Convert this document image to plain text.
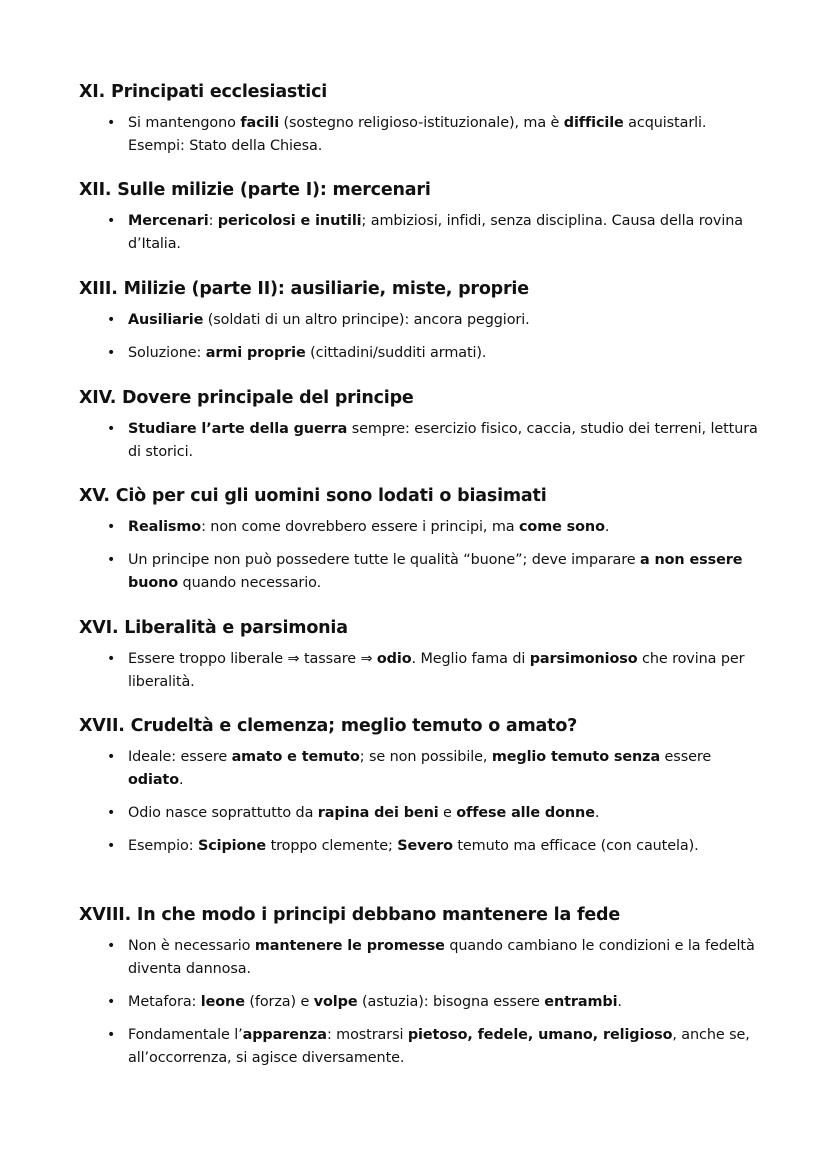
XI. Principati ecclesiastici
• Si mantengono facili (sostegno religioso-istituzionale), ma è difficile acquistarli. Esempi: Stato della Chiesa.
XII. Sulle milizie (parte I): mercenari
• Mercenari: pericolosi e inutili; ambiziosi, infidi, senza disciplina. Causa della rovina d’Italia.
XIII. Milizie (parte II): ausiliarie, miste, proprie
• Ausiliarie (soldati di un altro principe): ancora peggiori.
• Soluzione: armi proprie (cittadini/sudditi armati).
XIV. Dovere principale del principe
• Studiare l’arte della guerra sempre: esercizio fisico, caccia, studio dei terreni, lettura di storici.
XV. Ciò per cui gli uomini sono lodati o biasimati
• Realismo: non come dovrebbero essere i principi, ma come sono.
• Un principe non può possedere tutte le qualità “buone”; deve imparare a non essere buono quando necessario.
XVI. Liberalità e parsimonia
• Essere troppo liberale ⇒ tassare ⇒ odio. Meglio fama di parsimonioso che rovina per liberalità.
XVII. Crudeltà e clemenza; meglio temuto o amato?
• Ideale: essere amato e temuto; se non possibile, meglio temuto senza essere odiato.
• Odio nasce soprattutto da rapina dei beni e offese alle donne.
• Esempio: Scipione troppo clemente; Severo temuto ma efficace (con cautela).
XVIII. In che modo i principi debbano mantenere la fede
• Non è necessario mantenere le promesse quando cambiano le condizioni e la fedeltà diventa dannosa.
• Metafora: leone (forza) e volpe (astuzia): bisogna essere entrambi.
• Fondamentale l’apparenza: mostrarsi pietoso, fedele, umano, religioso, anche se, all’occorrenza, si agisce diversamente.
